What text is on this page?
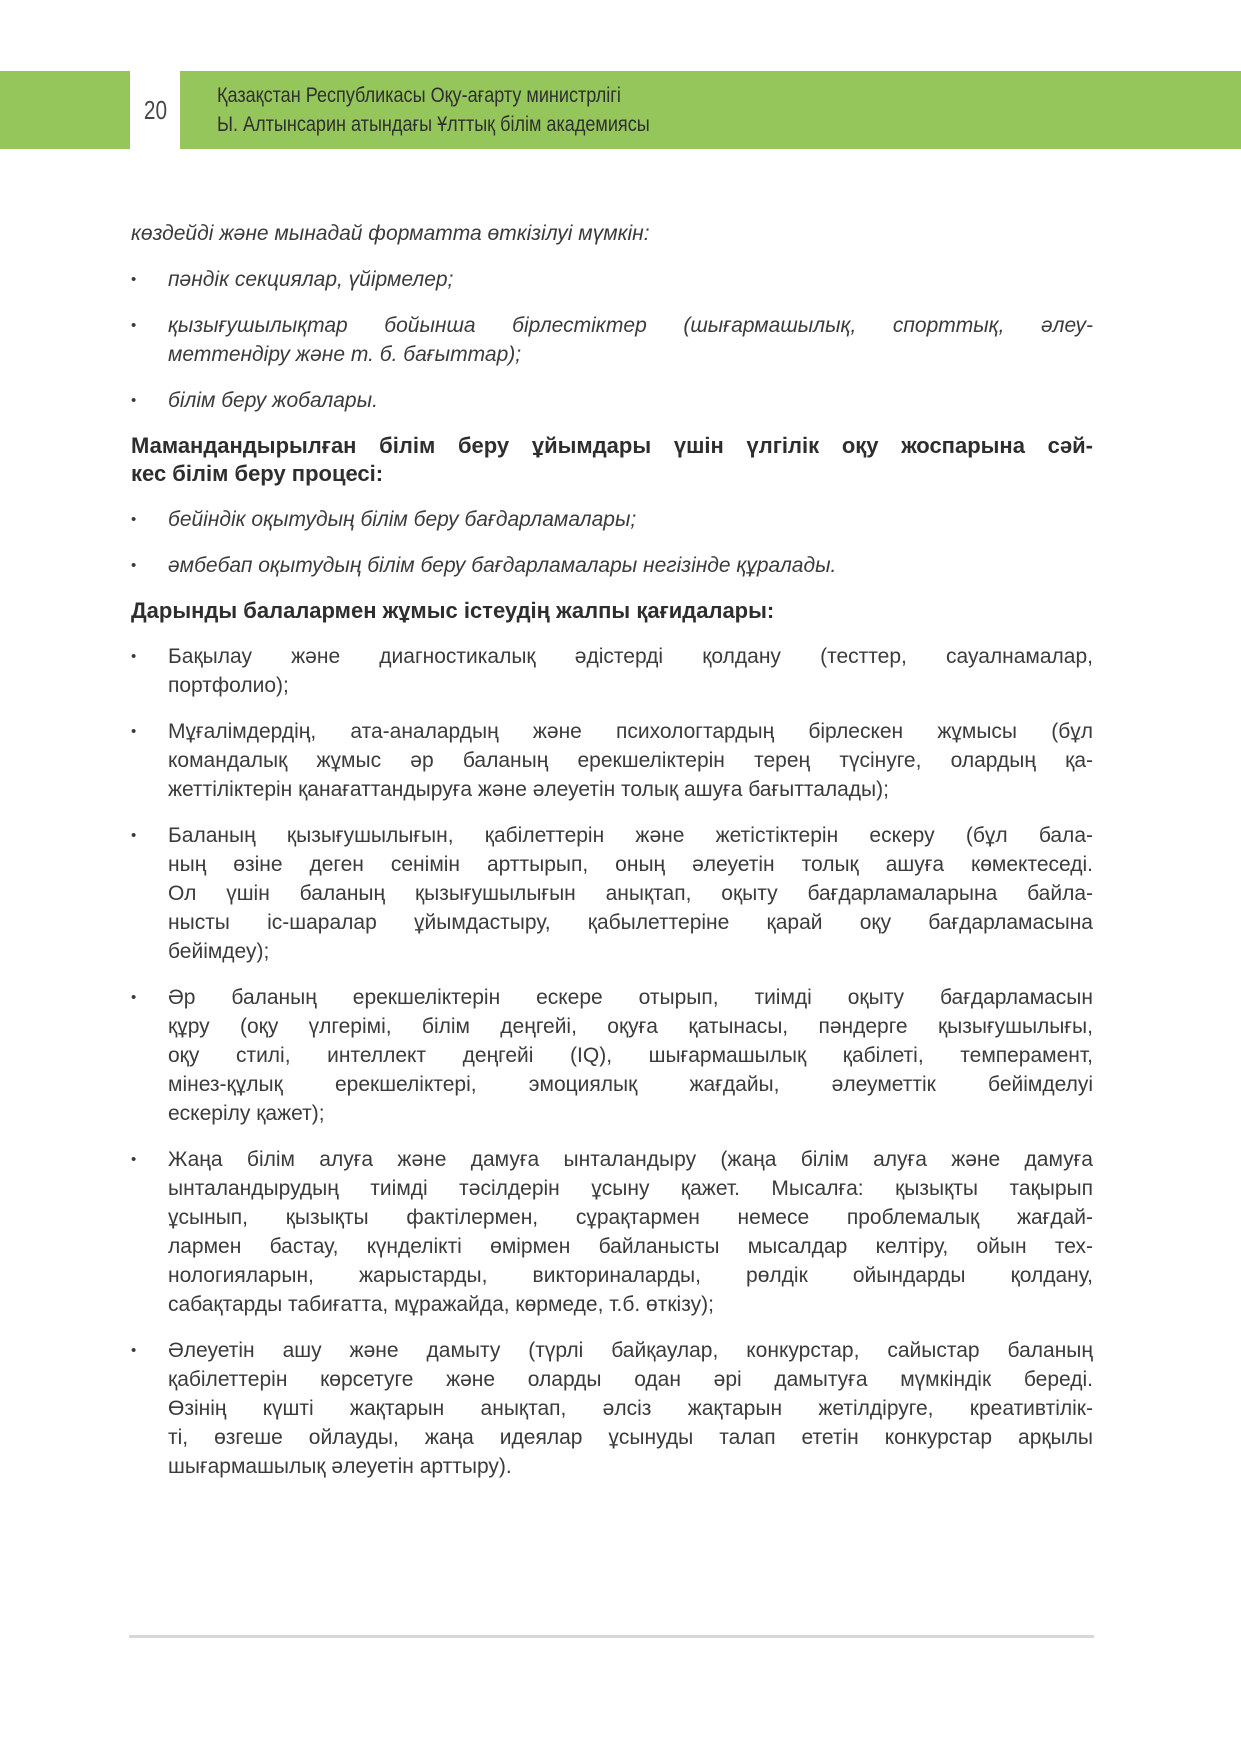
20 Қазақстан Республикасы Оқу-ағарту министрлігі
Ы. Алтынсарин атындағы Ұлттық білім академиясы
көздейді және мынадай форматта өткізілуі мүмкін:
•	пәндік секциялар, үйірмелер;
•	қызығушылықтар бойынша бірлестіктер (шығармашылық, спорттық, әлеу-
меттендіру және т. б. бағыттар);
•	білім беру жобалары.
Мамандандырылған білім беру ұйымдары үшін үлгілік оқу жоспарына сәй-
кес білім беру процесі:
•	бейіндік оқытудың білім беру бағдарламалары;
•	әмбебап оқытудың білім беру бағдарламалары негізінде құралады.
Дарынды балалармен жұмыс істеудің жалпы қағидалары:
•	Бақылау және диагностикалық әдістерді қолдану (тесттер, сауалнамалар,
портфолио);
•	Мұғалімдердің, ата-аналардың және психологтардың бірлескен жұмысы (бұл
командалық жұмыс әр баланың ерекшеліктерін терең түсінуге, олардың қа-
жеттіліктерін қанағаттандыруға және әлеуетін толық ашуға бағытталады);
•	Баланың қызығушылығын, қабілеттерін және жетістіктерін ескеру (бұл бала-
ның өзіне деген сенімін арттырып, оның әлеуетін толық ашуға көмектеседі.
Ол үшін баланың қызығушылығын анықтап, оқыту бағдарламаларына байла-
нысты іс-шаралар ұйымдастыру, қабылеттеріне қарай оқу бағдарламасына
бейімдеу);
•	Әр баланың ерекшеліктерін ескере отырып, тиімді оқыту бағдарламасын
құру (оқу үлгерімі, білім деңгейі, оқуға қатынасы, пәндерге қызығушылығы,
оқу стилі, интеллект деңгейі (IQ), шығармашылық қабілеті, темперамент,
мінез-құлық ерекшеліктері, эмоциялық жағдайы, әлеуметтік бейімделуі
ескерілу қажет);
•	Жаңа білім алуға және дамуға ынталандыру (жаңа білім алуға және дамуға
ынталандырудың тиімді тәсілдерін ұсыну қажет. Мысалға: қызықты тақырып
ұсынып, қызықты фактілермен, сұрақтармен немесе проблемалық жағдай-
лармен бастау, күнделікті өмірмен байланысты мысалдар келтіру, ойын тех-
нологияларын, жарыстарды, викториналарды, рөлдік ойындарды қолдану,
сабақтарды табиғатта, мұражайда, көрмеде, т.б. өткізу);
•	Әлеуетін ашу және дамыту (түрлі байқаулар, конкурстар, сайыстар баланың
қабілеттерін көрсетуге және оларды одан әрі дамытуға мүмкіндік береді.
Өзінің күшті жақтарын анықтап, әлсіз жақтарын жетілдіруге, креативтілік-
ті, өзгеше ойлауды, жаңа идеялар ұсынуды талап ететін конкурстар арқылы
шығармашылық әлеуетін арттыру).
